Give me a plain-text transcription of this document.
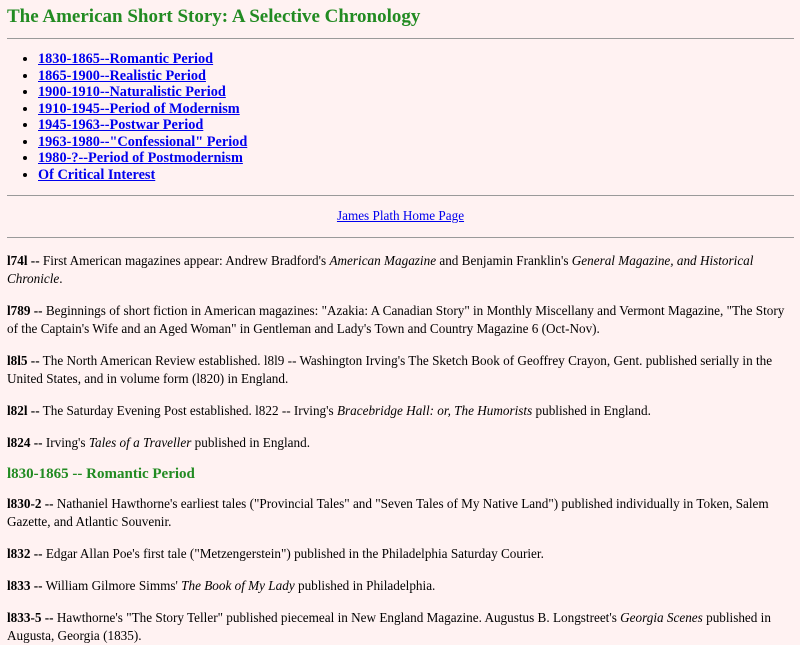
The American Short Story: A Selective Chronology
• 1830-1865--Romantic Period
• 1865-1900--Realistic Period
• 1900-1910--Naturalistic Period
• 1910-1945--Period of Modernism
• 1945-1963--Postwar Period
• 1963-1980--"Confessional" Period
• 1980-?--Period of Postmodernism
• Of Critical Interest
James Plath Home Page

l74l -- First American magazines appear: Andrew Bradford's American Magazine and Benjamin Franklin's General Magazine, and Historical Chronicle.

l789 -- Beginnings of short fiction in American magazines: "Azakia: A Canadian Story" in Monthly Miscellany and Vermont Magazine, "The Story of the Captain's Wife and an Aged Woman" in Gentleman and Lady's Town and Country Magazine 6 (Oct-Nov).

l8l5 -- The North American Review established. l8l9 -- Washington Irving's The Sketch Book of Geoffrey Crayon, Gent. published serially in the United States, and in volume form (l820) in England.

l82l -- The Saturday Evening Post established. l822 -- Irving's Bracebridge Hall: or, The Humorists published in England.

l824 -- Irving's Tales of a Traveller published in England.

l830-1865 -- Romantic Period

l830-2 -- Nathaniel Hawthorne's earliest tales ("Provincial Tales" and "Seven Tales of My Native Land") published individually in Token, Salem Gazette, and Atlantic Souvenir.

l832 -- Edgar Allan Poe's first tale ("Metzengerstein") published in the Philadelphia Saturday Courier.

l833 -- William Gilmore Simms' The Book of My Lady published in Philadelphia.

l833-5 -- Hawthorne's "The Story Teller" published piecemeal in New England Magazine. Augustus B. Longstreet's Georgia Scenes published in Augusta, Georgia (1835).
